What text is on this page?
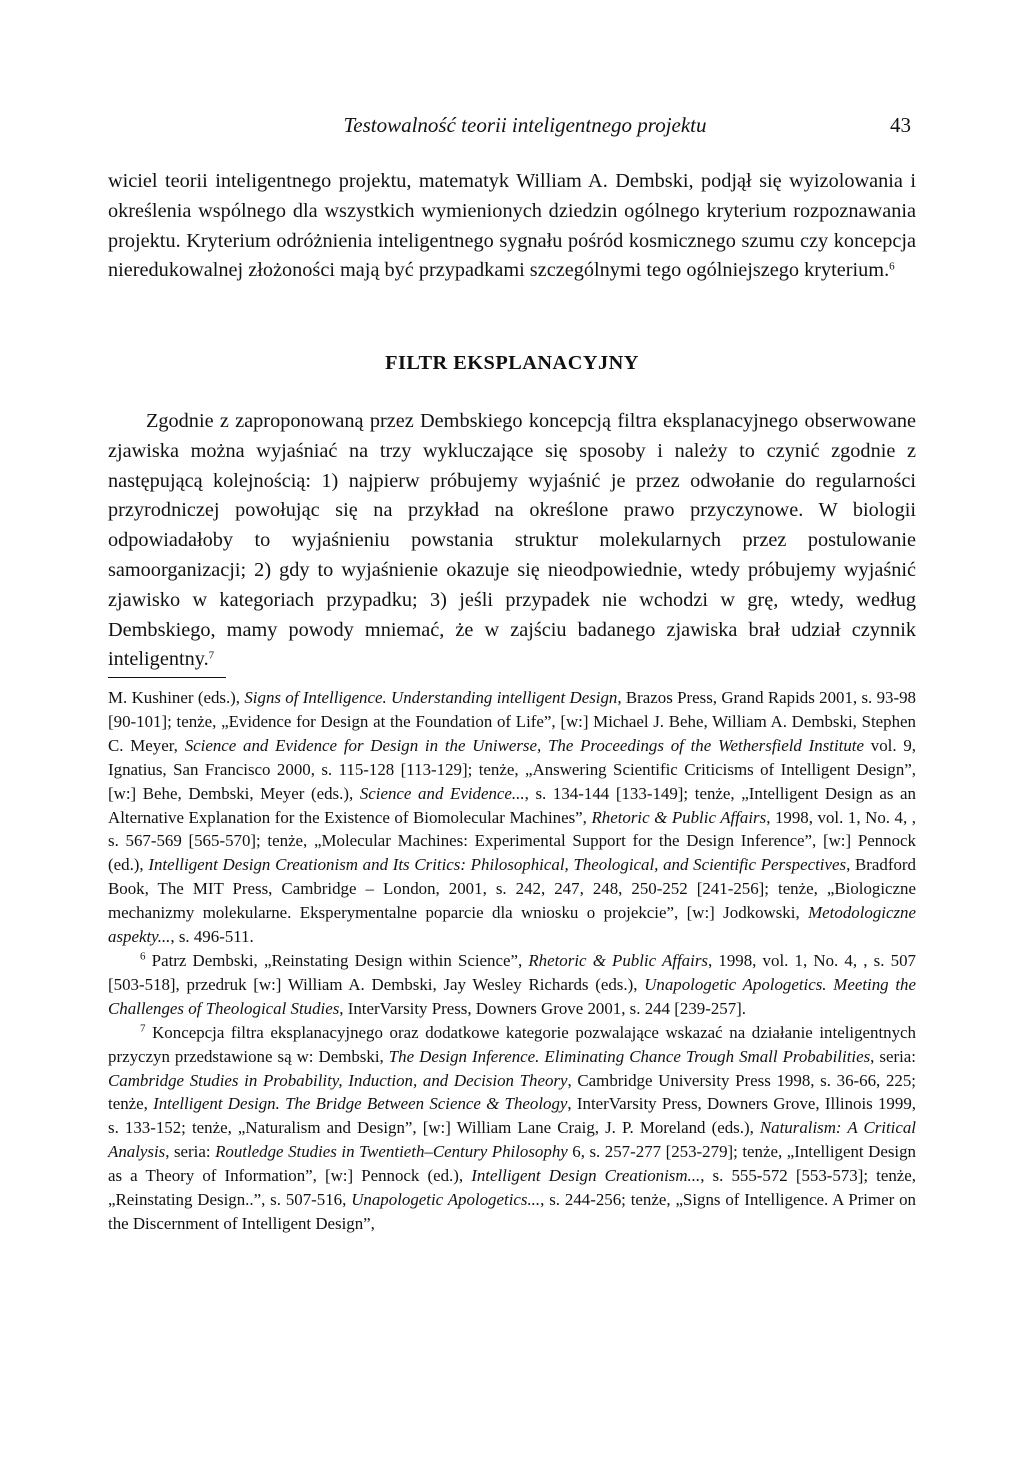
Testowalność teorii inteligentnego projektu	43

wiciel teorii inteligentnego projektu, matematyk William A. Dembski, podjął się wyizolowania i określenia wspólnego dla wszystkich wymienionych dziedzin ogólnego kryterium rozpoznawania projektu. Kryterium odróżnienia inteligentnego sygnału pośród kosmicznego szumu czy koncepcja nieredukowalnej złożoności mają być przypadkami szczególnymi tego ogólniejszego kryterium.$^6$

FILTR EKSPLANACYJNY

Zgodnie z zaproponowaną przez Dembskiego koncepcją filtra eksplanacyjnego obserwowane zjawiska można wyjaśniać na trzy wykluczające się sposoby i należy to czynić zgodnie z następującą kolejnością: 1) najpierw próbujemy wyjaśnić je przez odwołanie do regularności przyrodniczej powołując się na przykład na określone prawo przyczynowe. W biologii odpowiadałoby to wyjaśnieniu powstania struktur molekularnych przez postulowanie samoorganizacji; 2) gdy to wyjaśnienie okazuje się nieodpowiednie, wtedy próbujemy wyjaśnić zjawisko w kategoriach przypadku; 3) jeśli przypadek nie wchodzi w grę, wtedy, według Dembskiego, mamy powody mniemać, że w zajściu badanego zjawiska brał udział czynnik inteligentny.$^7$

M. Kushiner (eds.), Signs of Intelligence. Understanding intelligent Design, Brazos Press, Grand Rapids 2001, s. 93-98 [90-101]; tenże, „Evidence for Design at the Foundation of Life”, [w:] Michael J. Behe, William A. Dembski, Stephen C. Meyer, Science and Evidence for Design in the Uniwerse, The Proceedings of the Wethersfield Institute vol. 9, Ignatius, San Francisco 2000, s. 115-128 [113-129]; tenże, „Answering Scientific Criticisms of Intelligent Design”, [w:] Behe, Dembski, Meyer (eds.), Science and Evidence..., s. 134-144 [133-149]; tenże, „Intelligent Design as an Alternative Explanation for the Existence of Biomolecular Machines”, Rhetoric & Public Affairs, 1998, vol. 1, No. 4, , s. 567-569 [565-570]; tenże, „Molecular Machines: Experimental Support for the Design Inference”, [w:] Pennock (ed.), Intelligent Design Creationism and Its Critics: Philosophical, Theological, and Scientific Perspectives, Bradford Book, The MIT Press, Cambridge – London, 2001, s. 242, 247, 248, 250-252 [241-256]; tenże, „Biologiczne mechanizmy molekularne. Eksperymentalne poparcie dla wniosku o projekcie”, [w:] Jodkowski, Metodologiczne aspekty..., s. 496-511.

$^6$ Patrz Dembski, „Reinstating Design within Science”, Rhetoric & Public Affairs, 1998, vol. 1, No. 4, , s. 507 [503-518], przedruk [w:] William A. Dembski, Jay Wesley Richards (eds.), Unapologetic Apologetics. Meeting the Challenges of Theological Studies, InterVarsity Press, Downers Grove 2001, s. 244 [239-257].

$^7$ Koncepcja filtra eksplanacyjnego oraz dodatkowe kategorie pozwalające wskazać na działanie inteligentnych przyczyn przedstawione są w: Dembski, The Design Inference. Eliminating Chance Trough Small Probabilities, seria: Cambridge Studies in Probability, Induction, and Decision Theory, Cambridge University Press 1998, s. 36-66, 225; tenże, Intelligent Design. The Bridge Between Science & Theology, InterVarsity Press, Downers Grove, Illinois 1999, s. 133-152; tenże, „Naturalism and Design”, [w:] William Lane Craig, J. P. Moreland (eds.), Naturalism: A Critical Analysis, seria: Routledge Studies in Twentieth–Century Philosophy 6, s. 257-277 [253-279]; tenże, „Intelligent Design as a Theory of Information”, [w:] Pennock (ed.), Intelligent Design Creationism..., s. 555-572 [553-573]; tenże, „Reinstating Design..”, s. 507-516, Unapologetic Apologetics..., s. 244-256; tenże, „Signs of Intelligence. A Primer on the Discernment of Intelligent Design”,
